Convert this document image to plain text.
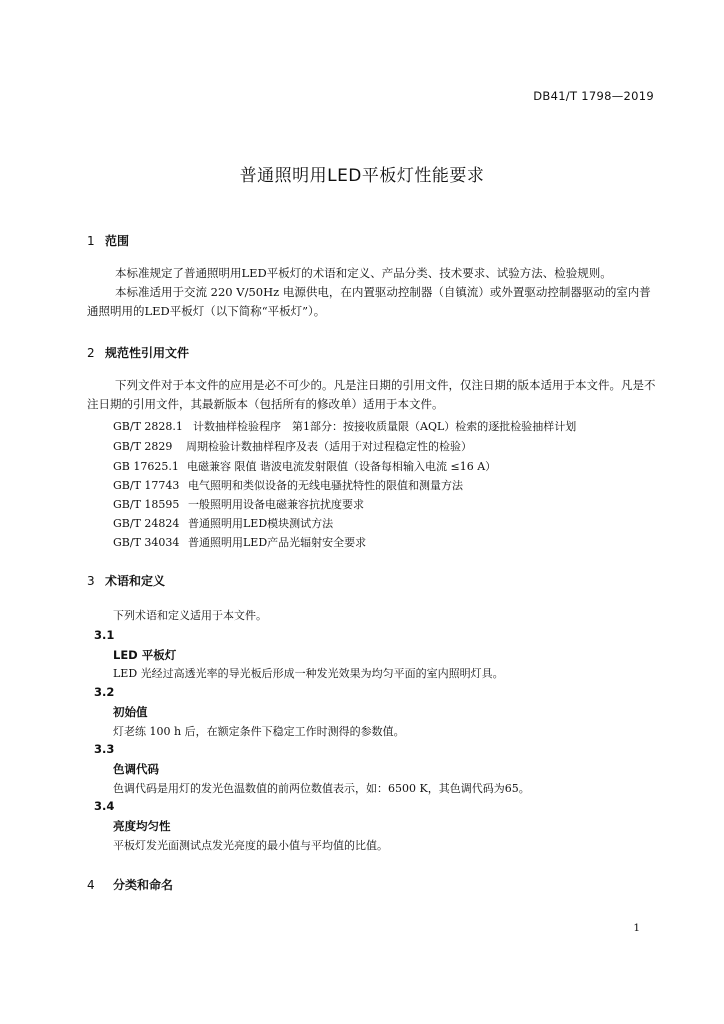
DB41/T 1798—2019
普通照明用LED平板灯性能要求
1 范围
本标准规定了普通照明用LED平板灯的术语和定义、产品分类、技术要求、试验方法、检验规则。
本标准适用于交流 220 V/50Hz 电源供电，在内置驱动控制器（自镇流）或外置驱动控制器驱动的室内普通照明用的LED平板灯（以下简称“平板灯”）。
2 规范性引用文件
下列文件对于本文件的应用是必不可少的。凡是注日期的引用文件，仅注日期的版本适用于本文件。凡是不注日期的引用文件，其最新版本（包括所有的修改单）适用于本文件。
GB/T 2828.1 计数抽样检验程序　第1部分：按接收质量限（AQL）检索的逐批检验抽样计划
GB/T 2829 周期检验计数抽样程序及表（适用于对过程稳定性的检验）
GB 17625.1 电磁兼容 限值 谐波电流发射限值（设备每相输入电流 ≤16 A）
GB/T 17743 电气照明和类似设备的无线电骚扰特性的限值和测量方法
GB/T 18595 一般照明用设备电磁兼容抗扰度要求
GB/T 24824 普通照明用LED模块测试方法
GB/T 34034 普通照明用LED产品光辐射安全要求
3 术语和定义
下列术语和定义适用于本文件。
3.1
LED 平板灯
LED 光经过高透光率的导光板后形成一种发光效果为均匀平面的室内照明灯具。
3.2
初始值
灯老练 100 h 后，在额定条件下稳定工作时测得的参数值。
3.3
色调代码
色调代码是用灯的发光色温数值的前两位数值表示，如：6500 K，其色调代码为65。
3.4
亮度均匀性
平板灯发光面测试点发光亮度的最小值与平均值的比值。
4 分类和命名
1
